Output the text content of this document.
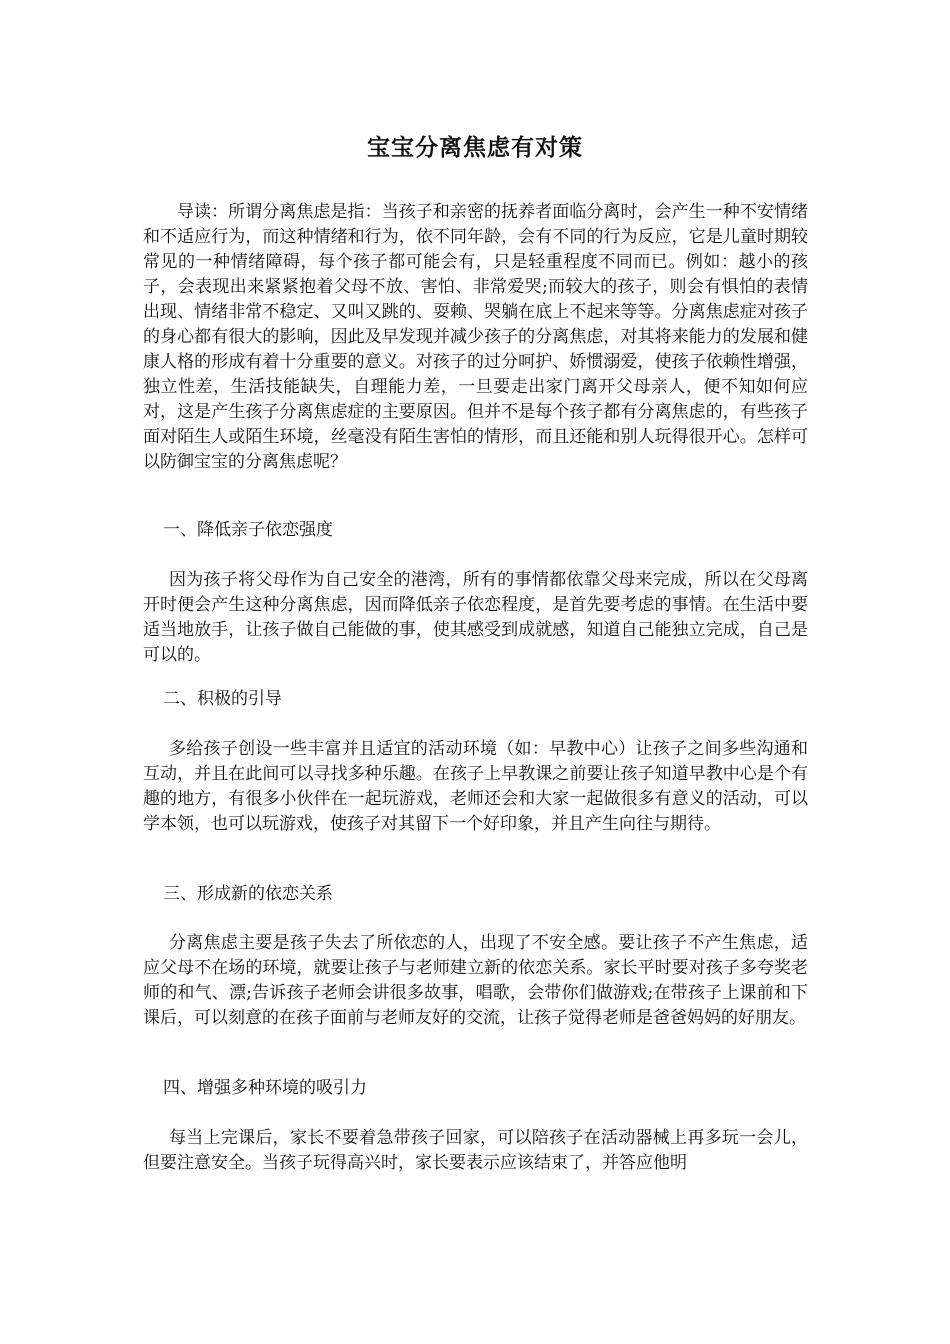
宝宝分离焦虑有对策

导读：所谓分离焦虑是指：当孩子和亲密的抚养者面临分离时，会产生一种不安情绪和不适应行为，而这种情绪和行为，依不同年龄，会有不同的行为反应，它是儿童时期较常见的一种情绪障碍，每个孩子都可能会有，只是轻重程度不同而已。例如：越小的孩子，会表现出来紧紧抱着父母不放、害怕、非常爱哭;而较大的孩子，则会有惧怕的表情出现、情绪非常不稳定、又叫又跳的、耍赖、哭躺在底上不起来等等。分离焦虑症对孩子的身心都有很大的影响，因此及早发现并减少孩子的分离焦虑，对其将来能力的发展和健康人格的形成有着十分重要的意义。对孩子的过分呵护、娇惯溺爱，使孩子依赖性增强，独立性差，生活技能缺失，自理能力差，一旦要走出家门离开父母亲人，便不知如何应对，这是产生孩子分离焦虑症的主要原因。但并不是每个孩子都有分离焦虑的，有些孩子面对陌生人或陌生环境，丝毫没有陌生害怕的情形，而且还能和别人玩得很开心。怎样可以防御宝宝的分离焦虑呢？

一、降低亲子依恋强度

因为孩子将父母作为自己安全的港湾，所有的事情都依靠父母来完成，所以在父母离开时便会产生这种分离焦虑，因而降低亲子依恋程度，是首先要考虑的事情。在生活中要适当地放手，让孩子做自己能做的事，使其感受到成就感，知道自己能独立完成，自己是可以的。

二、积极的引导

多给孩子创设一些丰富并且适宜的活动环境（如：早教中心）让孩子之间多些沟通和互动，并且在此间可以寻找多种乐趣。在孩子上早教课之前要让孩子知道早教中心是个有趣的地方，有很多小伙伴在一起玩游戏，老师还会和大家一起做很多有意义的活动，可以学本领，也可以玩游戏，使孩子对其留下一个好印象，并且产生向往与期待。

三、形成新的依恋关系

分离焦虑主要是孩子失去了所依恋的人，出现了不安全感。要让孩子不产生焦虑，适应父母不在场的环境，就要让孩子与老师建立新的依恋关系。家长平时要对孩子多夸奖老师的和气、漂;告诉孩子老师会讲很多故事，唱歌，会带你们做游戏;在带孩子上课前和下课后，可以刻意的在孩子面前与老师友好的交流，让孩子觉得老师是爸爸妈妈的好朋友。

四、增强多种环境的吸引力

每当上完课后，家长不要着急带孩子回家，可以陪孩子在活动器械上再多玩一会儿，但要注意安全。当孩子玩得高兴时，家长要表示应该结束了，并答应他明
